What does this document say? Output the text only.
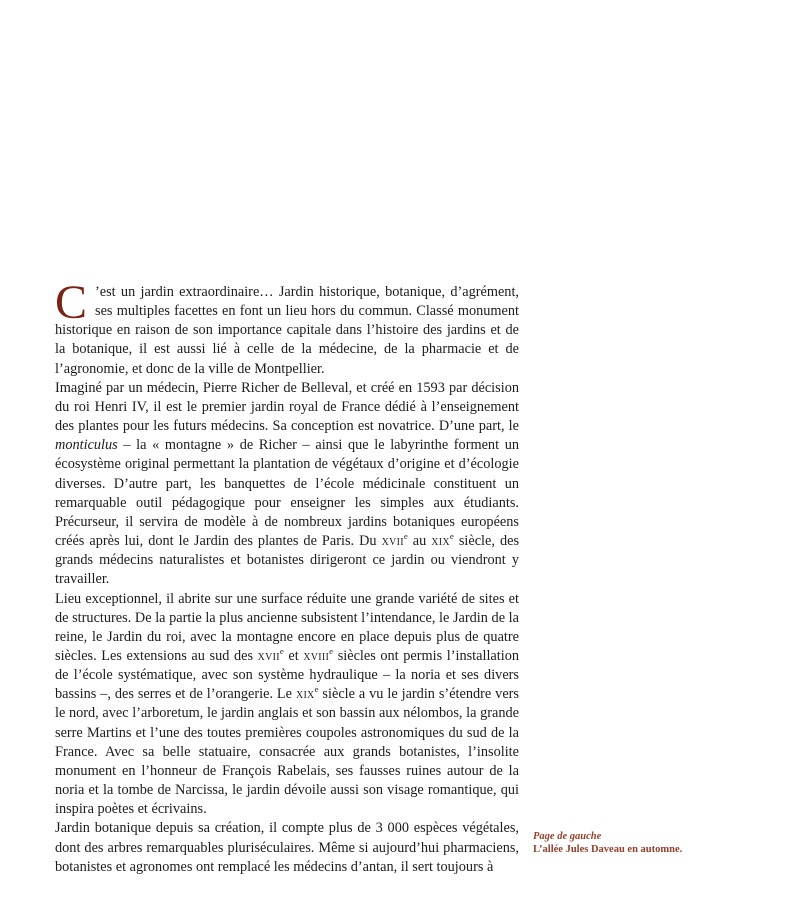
C ’est un jardin extraordinaire… Jardin historique, botanique, d’agrément, ses multiples facettes en font un lieu hors du commun. Classé monument historique en raison de son importance capitale dans l’histoire des jardins et de la botanique, il est aussi lié à celle de la médecine, de la pharmacie et de l’agronomie, et donc de la ville de Montpellier.

Imaginé par un médecin, Pierre Richer de Belleval, et créé en 1593 par décision du roi Henri IV, il est le premier jardin royal de France dédié à l’enseignement des plantes pour les futurs médecins. Sa conception est novatrice. D’une part, le monticulus – la « montagne » de Richer – ainsi que le labyrinthe forment un écosystème original permettant la plantation de végétaux d’origine et d’écologie diverses. D’autre part, les banquettes de l’école médicinale constituent un remarquable outil pédagogique pour enseigner les simples aux étudiants. Précurseur, il servira de modèle à de nombreux jardins botaniques européens créés après lui, dont le Jardin des plantes de Paris. Du xvii$^e$ au xix$^e$ siècle, des grands médecins naturalistes et botanistes dirigeront ce jardin ou viendront y travailler.

Lieu exceptionnel, il abrite sur une surface réduite une grande variété de sites et de structures. De la partie la plus ancienne subsistent l’intendance, le Jardin de la reine, le Jardin du roi, avec la montagne encore en place depuis plus de quatre siècles. Les extensions au sud des xvii$^e$ et xviii$^e$ siècles ont permis l’installation de l’école systématique, avec son système hydraulique – la noria et ses divers bassins –, des serres et de l’orangerie. Le xix$^e$ siècle a vu le jardin s’étendre vers le nord, avec l’arboretum, le jardin anglais et son bassin aux nélombos, la grande serre Martins et l’une des toutes premières coupoles astronomiques du sud de la France. Avec sa belle statuaire, consacrée aux grands botanistes, l’insolite monument en l’honneur de François Rabelais, ses fausses ruines autour de la noria et la tombe de Narcissa, le jardin dévoile aussi son visage romantique, qui inspira poètes et écrivains.

Jardin botanique depuis sa création, il compte plus de 3 000 espèces végétales, dont des arbres remarquables pluriséculaires. Même si aujourd’hui pharmaciens, botanistes et agronomes ont remplacé les médecins d’antan, il sert toujours à

Page de gauche
L’allée Jules Daveau en automne.
